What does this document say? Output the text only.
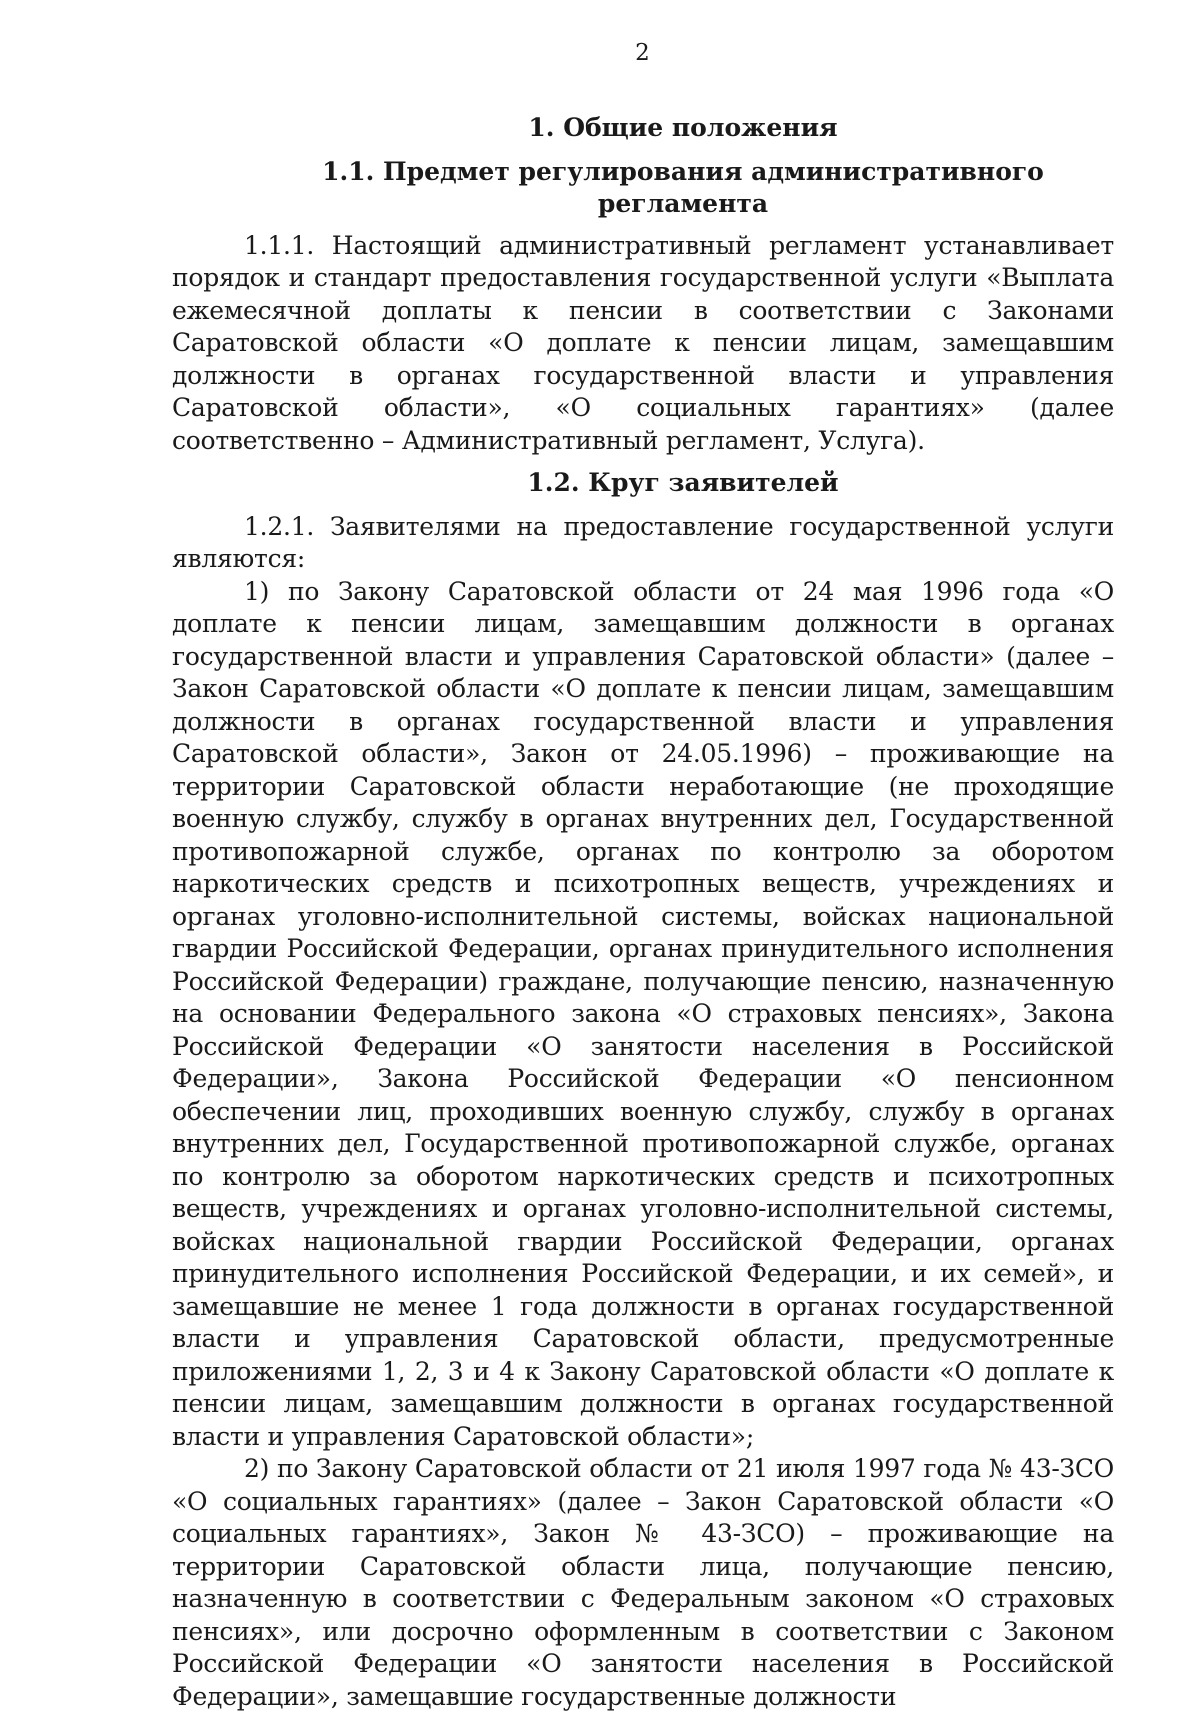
2
1. Общие положения
1.1. Предмет регулирования административного регламента

1.1.1. Настоящий административный регламент устанавливает порядок и стандарт предоставления государственной услуги «Выплата ежемесячной доплаты к пенсии в соответствии с Законами Саратовской области «О доплате к пенсии лицам, замещавшим должности в органах государственной власти и управления Саратовской области», «О социальных гарантиях» (далее соответственно – Административный регламент, Услуга).

1.2. Круг заявителей

1.2.1. Заявителями на предоставление государственной услуги являются:

1) по Закону Саратовской области от 24 мая 1996 года «О доплате к пенсии лицам, замещавшим должности в органах государственной власти и управления Саратовской области» (далее – Закон Саратовской области «О доплате к пенсии лицам, замещавшим должности в органах государственной власти и управления Саратовской области», Закон от 24.05.1996) – проживающие на территории Саратовской области неработающие (не проходящие военную службу, службу в органах внутренних дел, Государственной противопожарной службе, органах по контролю за оборотом наркотических средств и психотропных веществ, учреждениях и органах уголовно-исполнительной системы, войсках национальной гвардии Российской Федерации, органах принудительного исполнения Российской Федерации) граждане, получающие пенсию, назначенную на основании Федерального закона «О страховых пенсиях», Закона Российской Федерации «О занятости населения в Российской Федерации», Закона Российской Федерации «О пенсионном обеспечении лиц, проходивших военную службу, службу в органах внутренних дел, Государственной противопожарной службе, органах по контролю за оборотом наркотических средств и психотропных веществ, учреждениях и органах уголовно-исполнительной системы, войсках национальной гвардии Российской Федерации, органах принудительного исполнения Российской Федерации, и их семей», и замещавшие не менее 1 года должности в органах государственной власти и управления Саратовской области, предусмотренные приложениями 1, 2, 3 и 4 к Закону Саратовской области «О доплате к пенсии лицам, замещавшим должности в органах государственной власти и управления Саратовской области»;

2) по Закону Саратовской области от 21 июля 1997 года № 43-ЗСО «О социальных гарантиях» (далее – Закон Саратовской области «О социальных гарантиях», Закон № 43-ЗСО) – проживающие на территории Саратовской области лица, получающие пенсию, назначенную в соответствии с Федеральным законом «О страховых пенсиях», или досрочно оформленным в соответствии с Законом Российской Федерации «О занятости населения в Российской Федерации», замещавшие государственные должности
